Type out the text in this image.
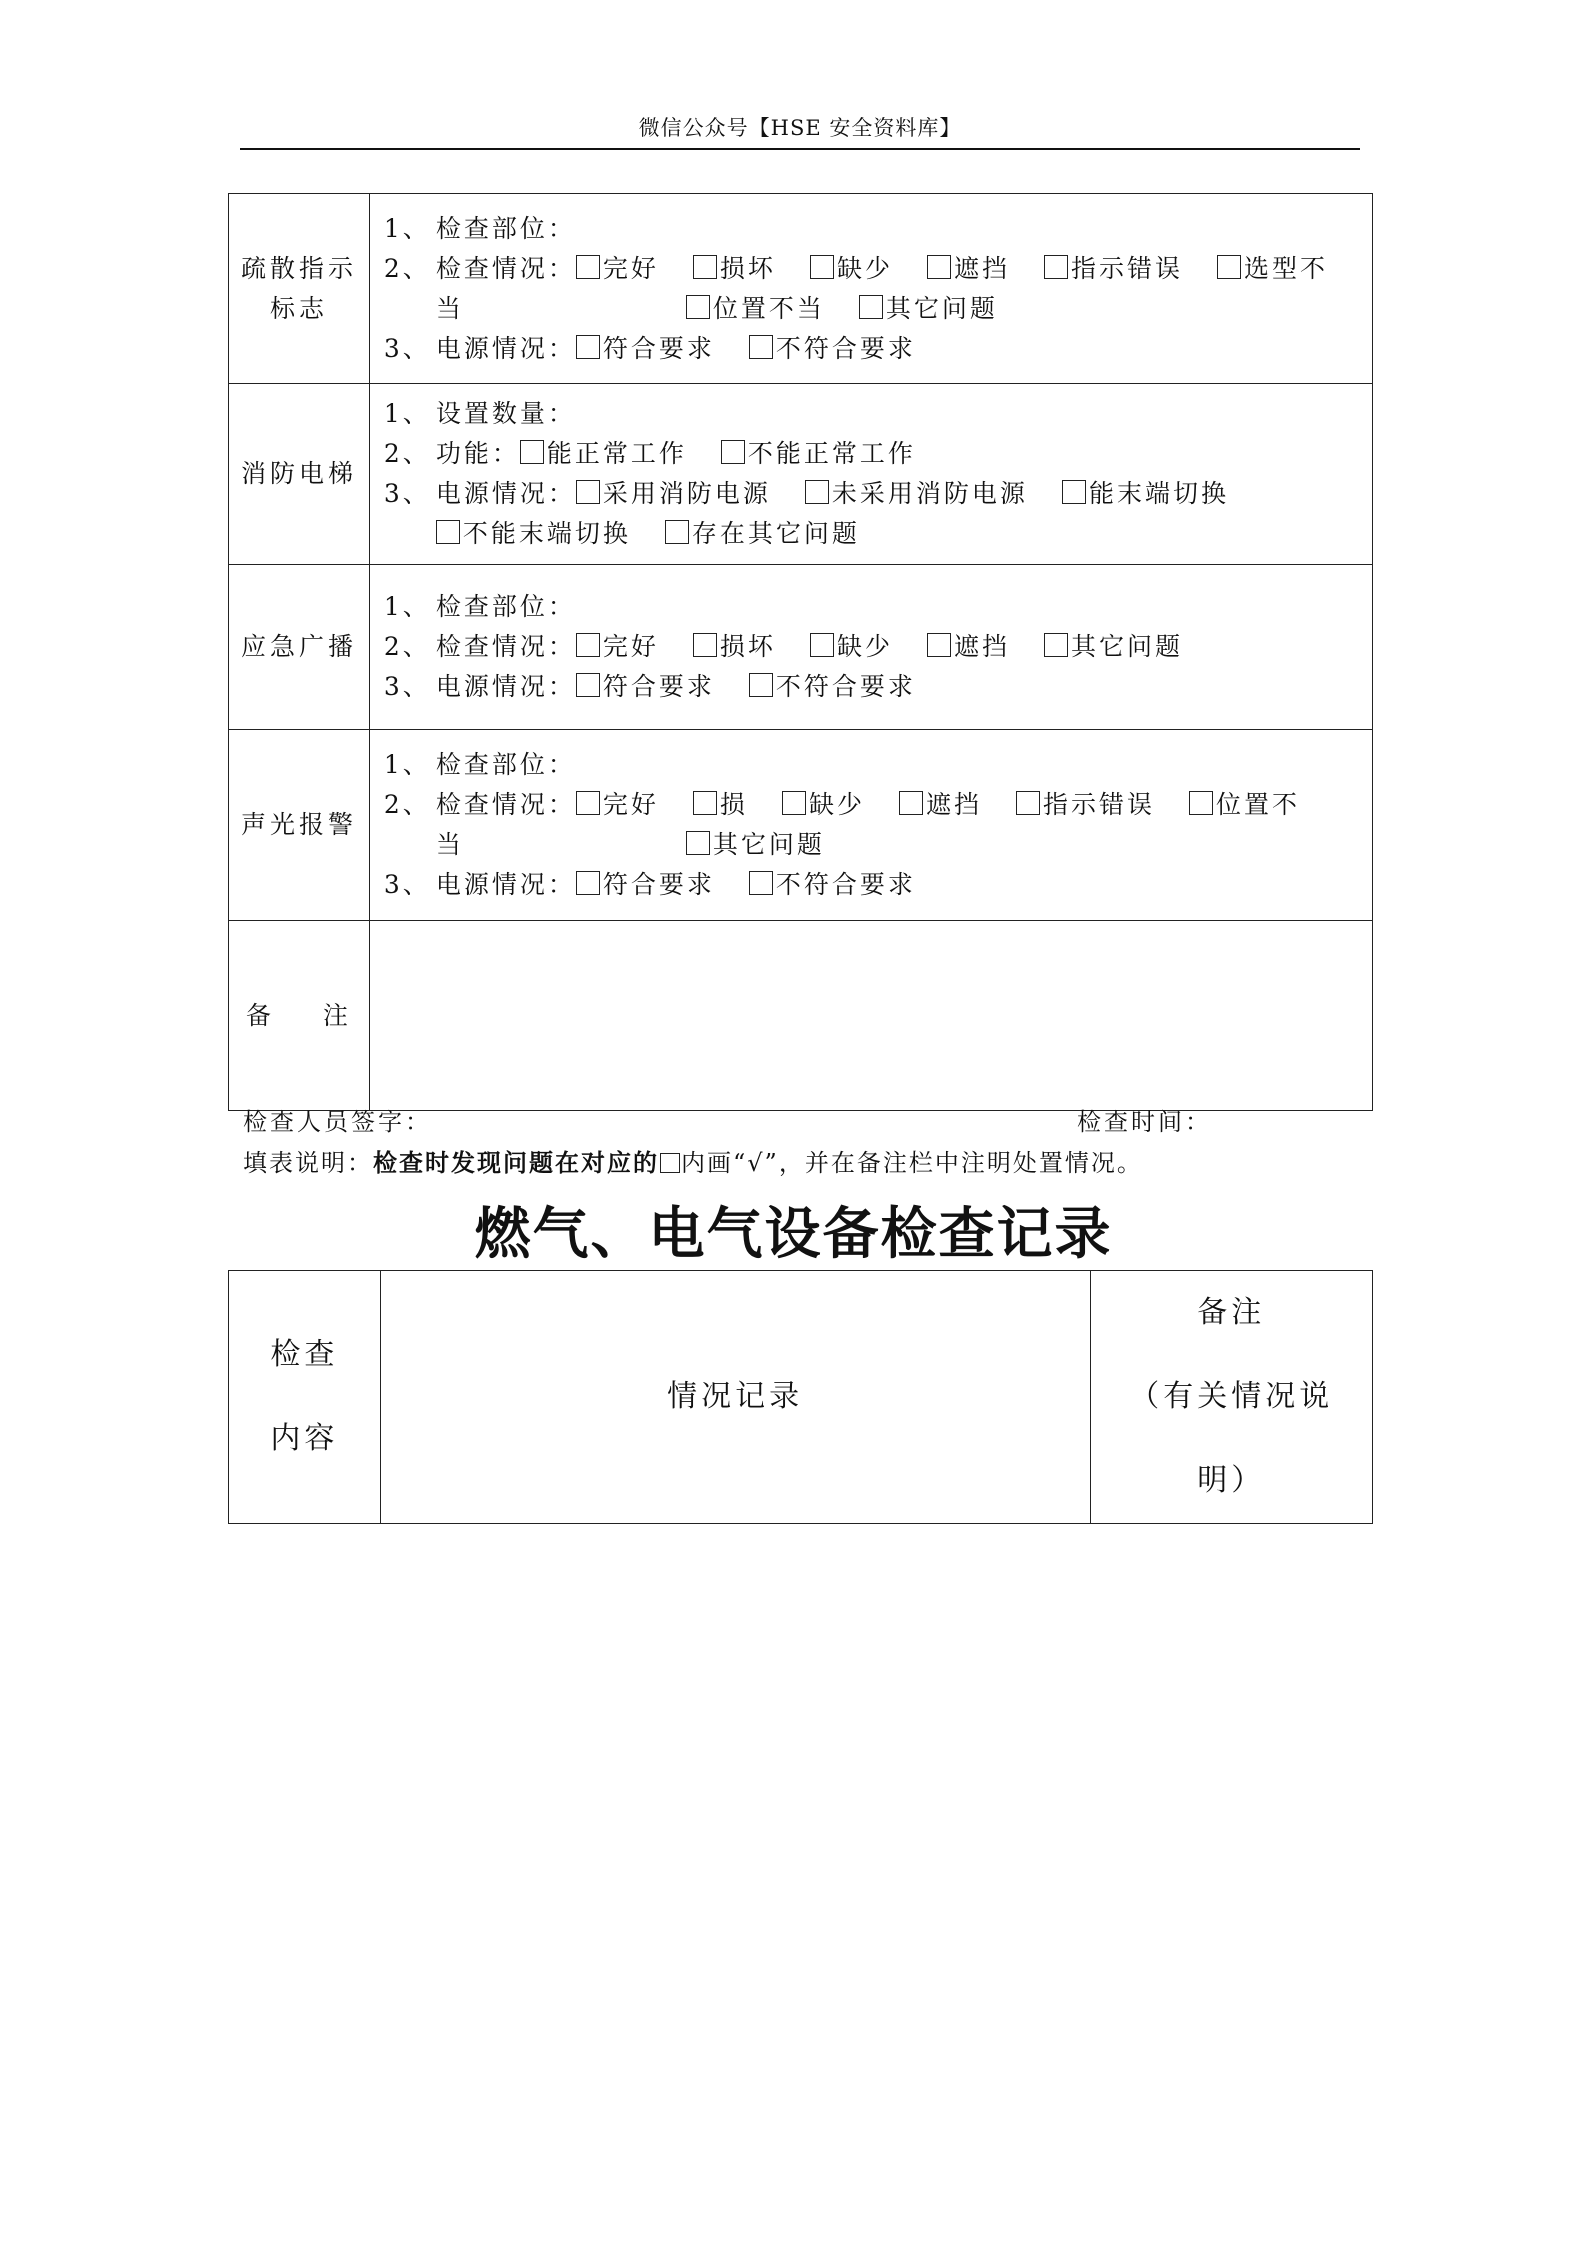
微信公众号【HSE 安全资料库】
疏散指示标志	1、 检查部位：
2、 检查情况： 完好 损坏 缺少 遮挡 指示错误 选型不
当 位置不当 其它问题
3、 电源情况： 符合要求 不符合要求

消防电梯	1、 设置数量：
2、 功能： 能正常工作 不能正常工作
3、 电源情况： 采用消防电源 未采用消防电源 能末端切换
不能末端切换 存在其它问题

应急广播	1、 检查部位：
2、 检查情况： 完好 损坏 缺少 遮挡 其它问题
3、 电源情况： 符合要求 不符合要求

声光报警	1、 检查部位：
2、 检查情况： 完好 损 缺少 遮挡 指示错误 位置不
当 其它问题
3、 电源情况： 符合要求 不符合要求

备    注	
检查人员签字：	检查时间：
填表说明：检查时发现问题在对应的 内画“√”，并在备注栏中注明处置情况。
燃气、电气设备检查记录
检查
内容	情况记录	备注
（有关情况说
明）
